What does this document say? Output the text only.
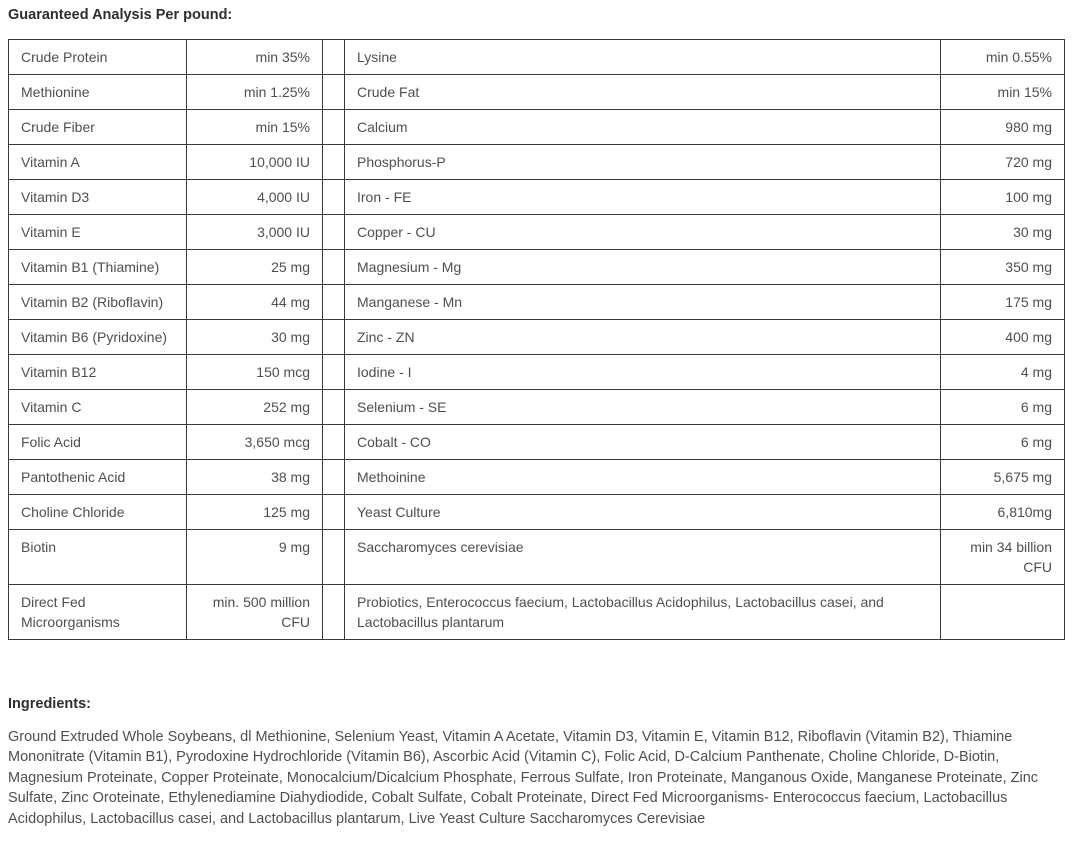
Guaranteed Analysis Per pound:
Crude Protein	min 35%		Lysine	min 0.55%
Methionine	min 1.25%		Crude Fat	min 15%
Crude Fiber	min 15%		Calcium	980 mg
Vitamin A	10,000 IU		Phosphorus-P	720 mg
Vitamin D3	4,000 IU		Iron - FE	100 mg
Vitamin E	3,000 IU		Copper - CU	30 mg
Vitamin B1 (Thiamine)	25 mg		Magnesium - Mg	350 mg
Vitamin B2 (Riboflavin)	44 mg		Manganese - Mn	175 mg
Vitamin B6 (Pyridoxine)	30 mg		Zinc - ZN	400 mg
Vitamin B12	150 mcg		Iodine - I	4 mg
Vitamin C	252 mg		Selenium - SE	6 mg
Folic Acid	3,650 mcg		Cobalt - CO	6 mg
Pantothenic Acid	38 mg		Methoinine	5,675 mg
Choline Chloride	125 mg		Yeast Culture	6,810mg
Biotin	9 mg		Saccharomyces cerevisiae	min 34 billion CFU
Direct Fed Microorganisms	min. 500 million CFU		Probiotics, Enterococcus faecium, Lactobacillus Acidophilus, Lactobacillus casei, and Lactobacillus plantarum	
Ingredients:

Ground Extruded Whole Soybeans, dl Methionine, Selenium Yeast, Vitamin A Acetate, Vitamin D3, Vitamin E, Vitamin B12, Riboflavin (Vitamin B2), Thiamine Mononitrate (Vitamin B1), Pyrodoxine Hydrochloride (Vitamin B6), Ascorbic Acid (Vitamin C), Folic Acid, D-Calcium Panthenate, Choline Chloride, D-Biotin, Magnesium Proteinate, Copper Proteinate, Monocalcium/Dicalcium Phosphate, Ferrous Sulfate, Iron Proteinate, Manganous Oxide, Manganese Proteinate, Zinc Sulfate, Zinc Oroteinate, Ethylenediamine Diahydiodide, Cobalt Sulfate, Cobalt Proteinate, Direct Fed Microorganisms- Enterococcus faecium, Lactobacillus Acidophilus, Lactobacillus casei, and Lactobacillus plantarum, Live Yeast Culture Saccharomyces Cerevisiae
